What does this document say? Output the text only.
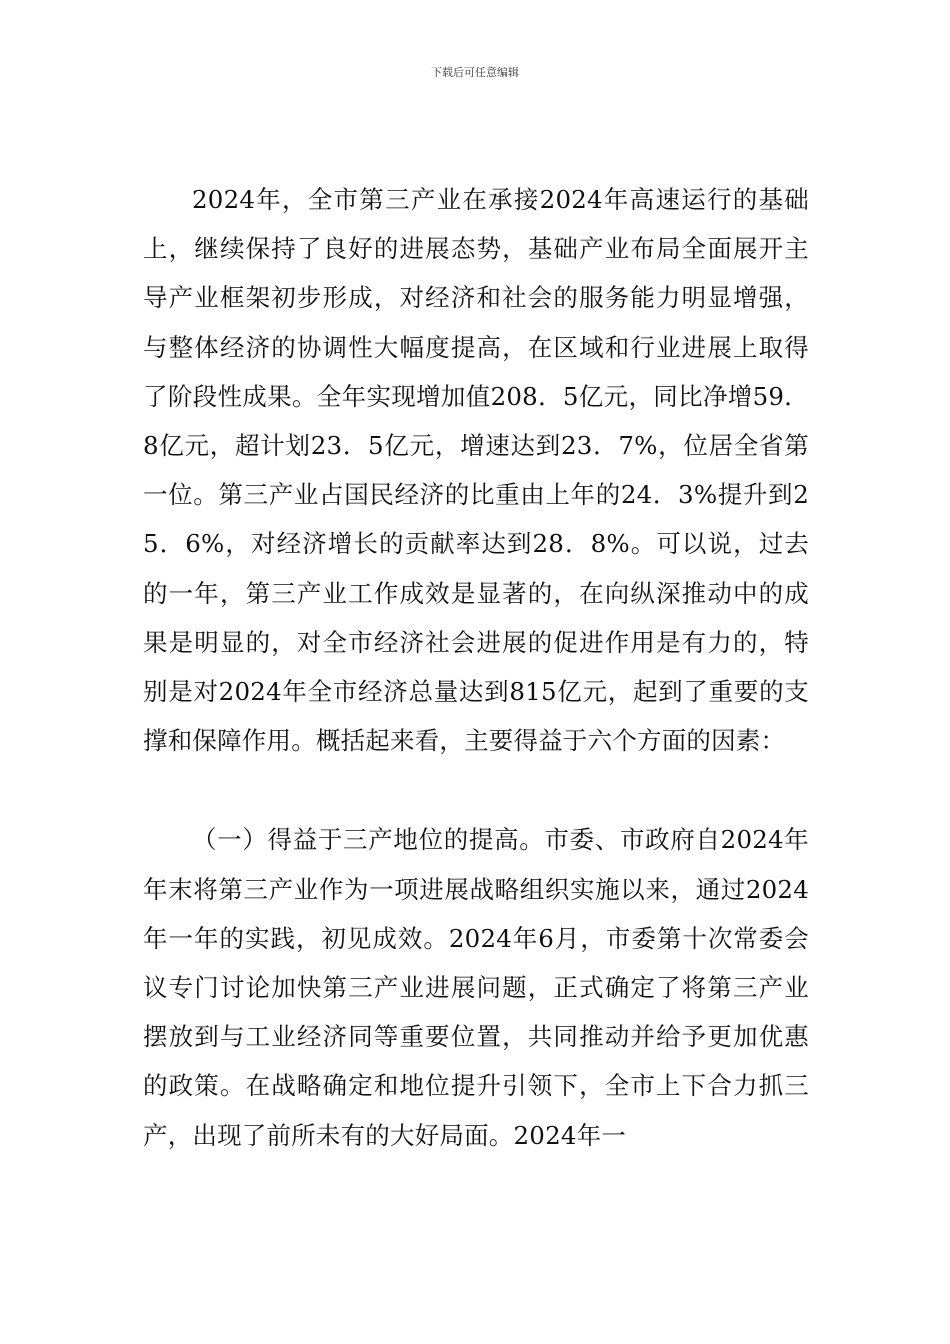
下载后可任意编辑

2024年，全市第三产业在承接2024年高速运行的基础上，继续保持了良好的进展态势，基础产业布局全面展开主导产业框架初步形成，对经济和社会的服务能力明显增强，与整体经济的协调性大幅度提高，在区域和行业进展上取得了阶段性成果。全年实现增加值208．5亿元，同比净增59．8亿元，超计划23．5亿元，增速达到23．7%，位居全省第一位。第三产业占国民经济的比重由上年的24．3%提升到25．6%，对经济增长的贡献率达到28．8%。可以说，过去的一年，第三产业工作成效是显著的，在向纵深推动中的成果是明显的，对全市经济社会进展的促进作用是有力的，特别是对2024年全市经济总量达到815亿元，起到了重要的支撑和保障作用。概括起来看，主要得益于六个方面的因素：

（一）得益于三产地位的提高。市委、市政府自2024年年末将第三产业作为一项进展战略组织实施以来，通过2024年一年的实践，初见成效。2024年6月，市委第十次常委会议专门讨论加快第三产业进展问题，正式确定了将第三产业摆放到与工业经济同等重要位置，共同推动并给予更加优惠的政策。在战略确定和地位提升引领下，全市上下合力抓三产，出现了前所未有的大好局面。2024年一
